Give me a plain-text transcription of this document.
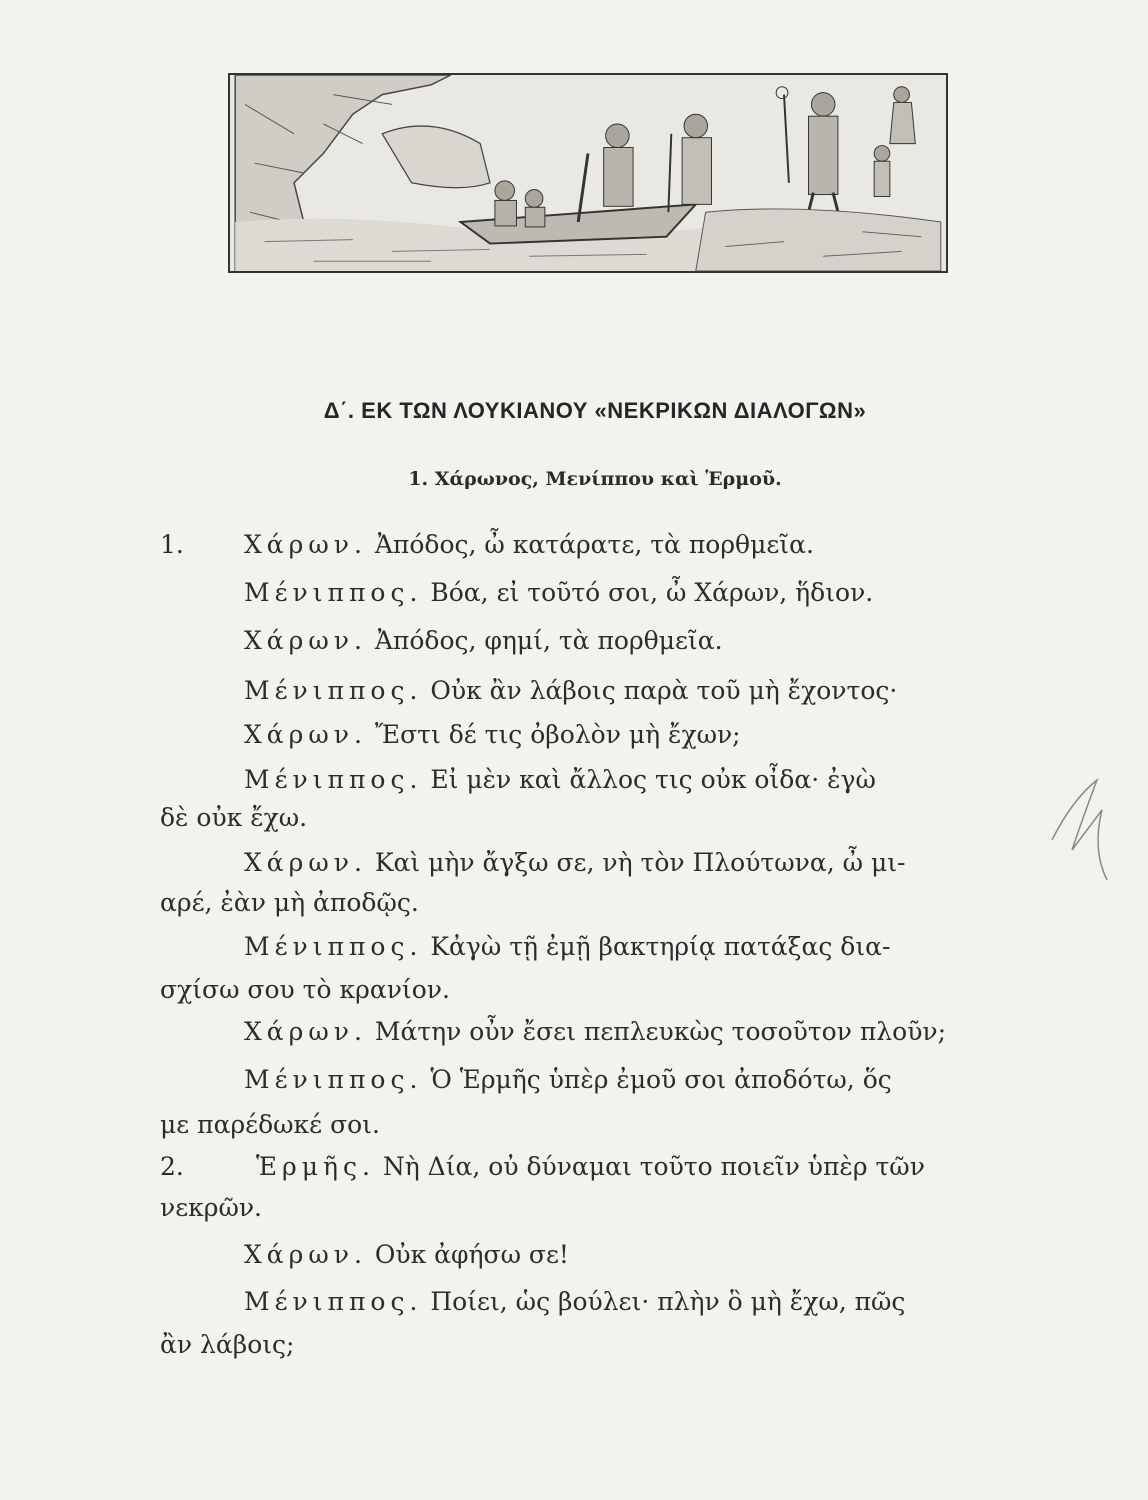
Δ΄. ΕΚ ΤΩΝ ΛΟΥΚΙΑΝΟΥ «ΝΕΚΡΙΚΩΝ ΔΙΑΛΟΓΩΝ»
1. Χάρωνος, Μενίππου καὶ Ἑρμοῦ.
1. Χάρων. Ἀπόδος, ὦ κατάρατε, τὰ πορθμεῖα.
Μένιππος. Βόα, εἰ τοῦτό σοι, ὦ Χάρων, ἥδιον.
Χάρων. Ἀπόδος, φημί, τὰ πορθμεῖα.
Μένιππος. Οὐκ ἂν λάβοις παρὰ τοῦ μὴ ἔχοντος·
Χάρων. Ἔστι δέ τις ὀβολὸν μὴ ἔχων;
Μένιππος. Εἰ μὲν καὶ ἄλλος τις οὐκ οἶδα· ἐγὼ
δὲ οὐκ ἔχω.
Χάρων. Καὶ μὴν ἄγξω σε, νὴ τὸν Πλούτωνα, ὦ μι-
αρέ, ἐὰν μὴ ἀποδῷς.
Μένιππος. Κἀγὼ τῇ ἐμῇ βακτηρίᾳ πατάξας δια-
σχίσω σου τὸ κρανίον.
Χάρων. Μάτην οὖν ἔσει πεπλευκὼς τοσοῦτον πλοῦν;
Μένιππος. Ὁ Ἑρμῆς ὑπὲρ ἐμοῦ σοι ἀποδότω, ὅς
με παρέδωκέ σοι.
2.	Ἑρμῆς. Νὴ Δία, οὐ δύναμαι τοῦτο ποιεῖν ὑπὲρ τῶν
νεκρῶν.
Χάρων. Οὐκ ἀφήσω σε!
Μένιππος. Ποίει, ὡς βούλει· πλὴν ὃ μὴ ἔχω, πῶς
ἂν λάβοις;
